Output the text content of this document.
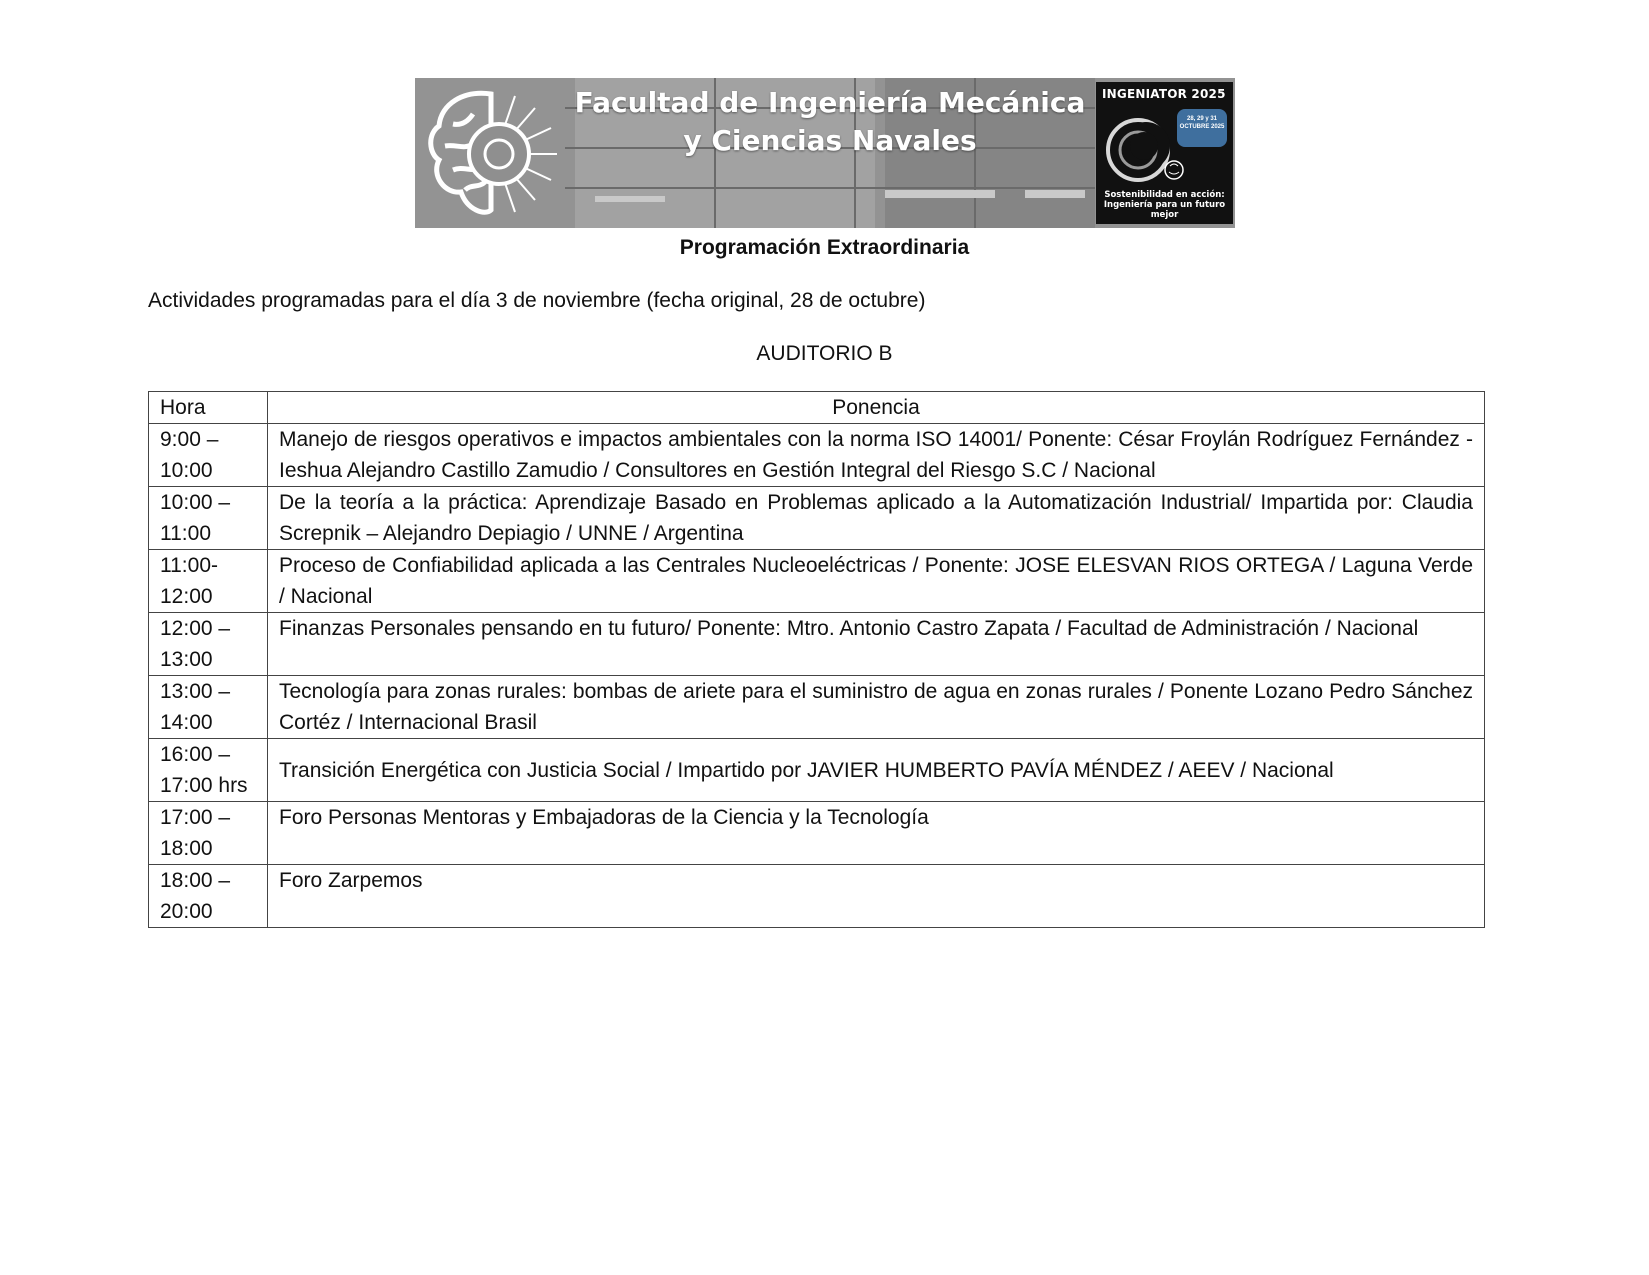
Facultad de Ingeniería Mecánica y Ciencias Navales
INGENIATOR 2025
28, 29 y 31 OCTUBRE 2025
Sostenibilidad en acción: Ingeniería para un futuro mejor
Programación Extraordinaria
Actividades programadas para el día 3 de noviembre (fecha original, 28 de octubre)
AUDITORIO B
Hora	Ponencia
9:00 – 10:00	Manejo de riesgos operativos e impactos ambientales con la norma ISO 14001/ Ponente: César Froylán Rodríguez Fernández - Ieshua Alejandro Castillo Zamudio / Consultores en Gestión Integral del Riesgo S.C / Nacional
10:00 – 11:00	De la teoría a la práctica: Aprendizaje Basado en Problemas aplicado a la Automatización Industrial/ Impartida por: Claudia Screpnik – Alejandro Depiagio / UNNE / Argentina
11:00- 12:00	Proceso de Confiabilidad aplicada a las Centrales Nucleoeléctricas / Ponente: JOSE ELESVAN RIOS ORTEGA / Laguna Verde / Nacional
12:00 – 13:00	Finanzas Personales pensando en tu futuro/ Ponente: Mtro. Antonio Castro Zapata / Facultad de Administración / Nacional
13:00 – 14:00	Tecnología para zonas rurales: bombas de ariete para el suministro de agua en zonas rurales / Ponente Lozano Pedro Sánchez Cortéz / Internacional Brasil
16:00 – 17:00 hrs	Transición Energética con Justicia Social / Impartido por JAVIER HUMBERTO PAVÍA MÉNDEZ / AEEV / Nacional
17:00 – 18:00	Foro Personas Mentoras y Embajadoras de la Ciencia y la Tecnología
18:00 – 20:00	Foro Zarpemos
